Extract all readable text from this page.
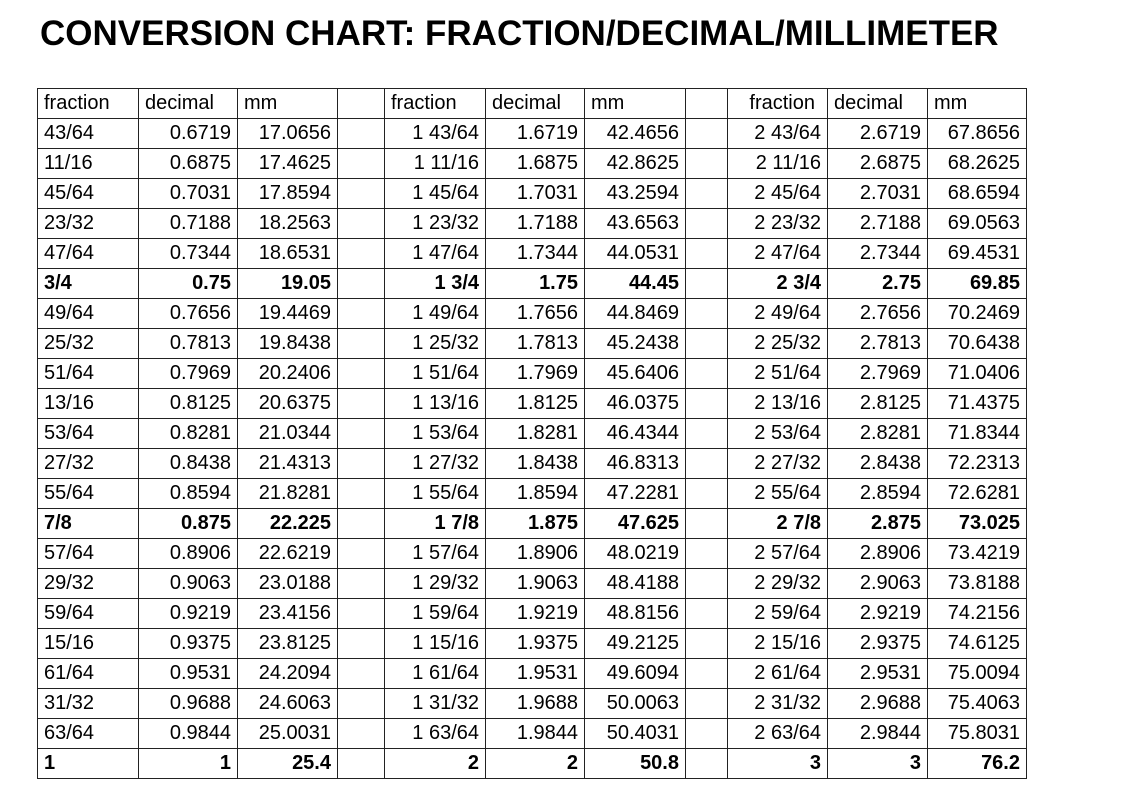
CONVERSION CHART: FRACTION/DECIMAL/MILLIMETER
fraction	decimal	mm		fraction	decimal	mm		fraction	decimal	mm
43/64	0.6719	17.0656		1 43/64	1.6719	42.4656		2 43/64	2.6719	67.8656
11/16	0.6875	17.4625		1 11/16	1.6875	42.8625		2 11/16	2.6875	68.2625
45/64	0.7031	17.8594		1 45/64	1.7031	43.2594		2 45/64	2.7031	68.6594
23/32	0.7188	18.2563		1 23/32	1.7188	43.6563		2 23/32	2.7188	69.0563
47/64	0.7344	18.6531		1 47/64	1.7344	44.0531		2 47/64	2.7344	69.4531
3/4	0.75	19.05		1 3/4	1.75	44.45		2 3/4	2.75	69.85
49/64	0.7656	19.4469		1 49/64	1.7656	44.8469		2 49/64	2.7656	70.2469
25/32	0.7813	19.8438		1 25/32	1.7813	45.2438		2 25/32	2.7813	70.6438
51/64	0.7969	20.2406		1 51/64	1.7969	45.6406		2 51/64	2.7969	71.0406
13/16	0.8125	20.6375		1 13/16	1.8125	46.0375		2 13/16	2.8125	71.4375
53/64	0.8281	21.0344		1 53/64	1.8281	46.4344		2 53/64	2.8281	71.8344
27/32	0.8438	21.4313		1 27/32	1.8438	46.8313		2 27/32	2.8438	72.2313
55/64	0.8594	21.8281		1 55/64	1.8594	47.2281		2 55/64	2.8594	72.6281
7/8	0.875	22.225		1 7/8	1.875	47.625		2 7/8	2.875	73.025
57/64	0.8906	22.6219		1 57/64	1.8906	48.0219		2 57/64	2.8906	73.4219
29/32	0.9063	23.0188		1 29/32	1.9063	48.4188		2 29/32	2.9063	73.8188
59/64	0.9219	23.4156		1 59/64	1.9219	48.8156		2 59/64	2.9219	74.2156
15/16	0.9375	23.8125		1 15/16	1.9375	49.2125		2 15/16	2.9375	74.6125
61/64	0.9531	24.2094		1 61/64	1.9531	49.6094		2 61/64	2.9531	75.0094
31/32	0.9688	24.6063		1 31/32	1.9688	50.0063		2 31/32	2.9688	75.4063
63/64	0.9844	25.0031		1 63/64	1.9844	50.4031		2 63/64	2.9844	75.8031
1	1	25.4		2	2	50.8		3	3	76.2
